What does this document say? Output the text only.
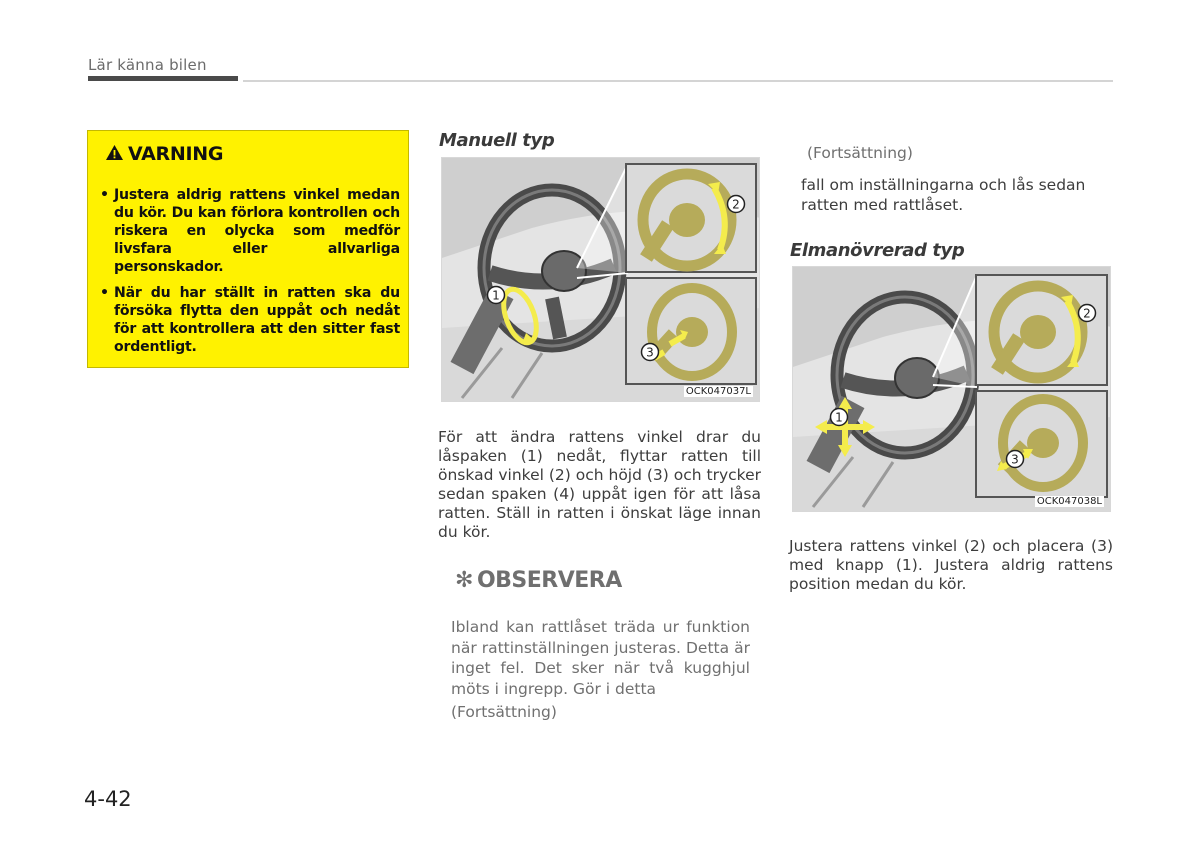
Lär känna bilen
VARNING
• Justera aldrig rattens vinkel medan du kör. Du kan förlora kontrollen och riskera en olycka som medför livsfara eller allvarliga personskador.
• När du har ställt in ratten ska du försöka flytta den uppåt och nedåt för att kontrollera att den sitter fast ordentligt.
Manuell typ
1
2
3
OCK047037L
För att ändra rattens vinkel drar du låspaken (1) nedåt, flyttar ratten till önskad vinkel (2) och höjd (3) och trycker sedan spaken (4) uppåt igen för att låsa ratten. Ställ in ratten i önskat läge innan du kör.
✻ OBSERVERA
Ibland kan rattlåset träda ur funktion när rattinställningen justeras. Detta är inget fel. Det sker när två kugghjul möts i ingrepp. Gör i detta
(Fortsättning)
(Fortsättning)
fall om inställningarna och lås sedan ratten med rattlåset.
Elmanövrerad typ
1
2
3
OCK047038L
Justera rattens vinkel (2) och placera (3) med knapp (1). Justera aldrig rattens position medan du kör.
4-42
